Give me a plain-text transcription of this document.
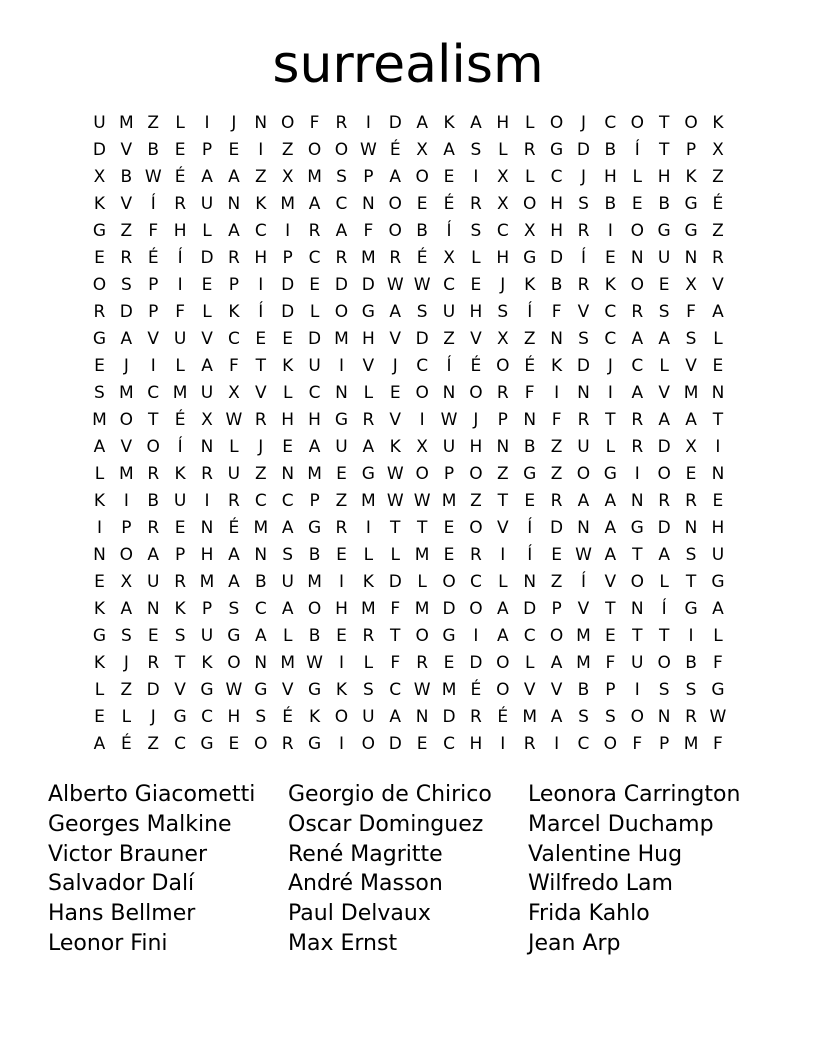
surrealism
U M Z L	I	J	N O F R	I	D A K A H L O	J	C O T O K
D V B E P E	I	Z O O W É X A S L R G D B	Í	T P X
X B W É A A Z X M S P A O E	I	X L C	J	H L H K Z
K V	Í	R U N K M A C N O E É R X O H S B E B G É
G Z F H L A C	I	R A F O B	Í	S C X H R	I	O G G Z
E R É	Í	D R H P C R M R É X L H G D	Í	E N U N R
O S P	I	E P	I	D E D D W W C E	J	K B R K O E X V
R D P F	L K	Í	D L O G A S U H S	Í	F V C R S F A
G A V U V C E E D M H V D Z V X Z N S C A A S L
E	J	I	L A F T K U	I	V	J	C	Í	É O É K D	J	C L V E
S M C M U X V L C N L E O N O R F	I	N	I	A V M N
M O T É X W R H H G R V	I W J	P N F R T R A A T
A V O	Í	N L	J	E A U A K X U H N B Z U L R D X	I
L M R K R U Z N M E G W O P O Z G Z O G	I	O E N
K	I	B U	I	R C C P Z M W W M Z T E R A A N R R E
I	P R E N É M A G R	I	T T E O V	Í	D N A G D N H
N O A P H A N S B E L	L M E R	I	Í	E W A T A S U
E X U R M A B U M	I	K D L O C L N Z	Í	V O L T G
K A N K P S C A O H M F M D O A D P V T N	Í	G A
G S E S U G A L B E R T O G	I	A C O M E T T	I	L
K	J	R T K O N M W I	L	F R E D O L A M F U O B F
L Z D V G W G V G K S C W M É O V V B P	I	S S G
E L	J	G C H S É K O U A N D R É M A S S O N R W
A É Z C G E O R G	I	O D E C H	I	R	I	C O F P M F
Alberto Giacometti
Georges Malkine
Victor Brauner
Salvador Dalí
Hans Bellmer
Leonor Fini
Georgio de Chirico
Oscar Dominguez
René Magritte
André Masson
Paul Delvaux
Max Ernst
Leonora Carrington
Marcel Duchamp
Valentine Hug
Wilfredo Lam
Frida Kahlo
Jean Arp
